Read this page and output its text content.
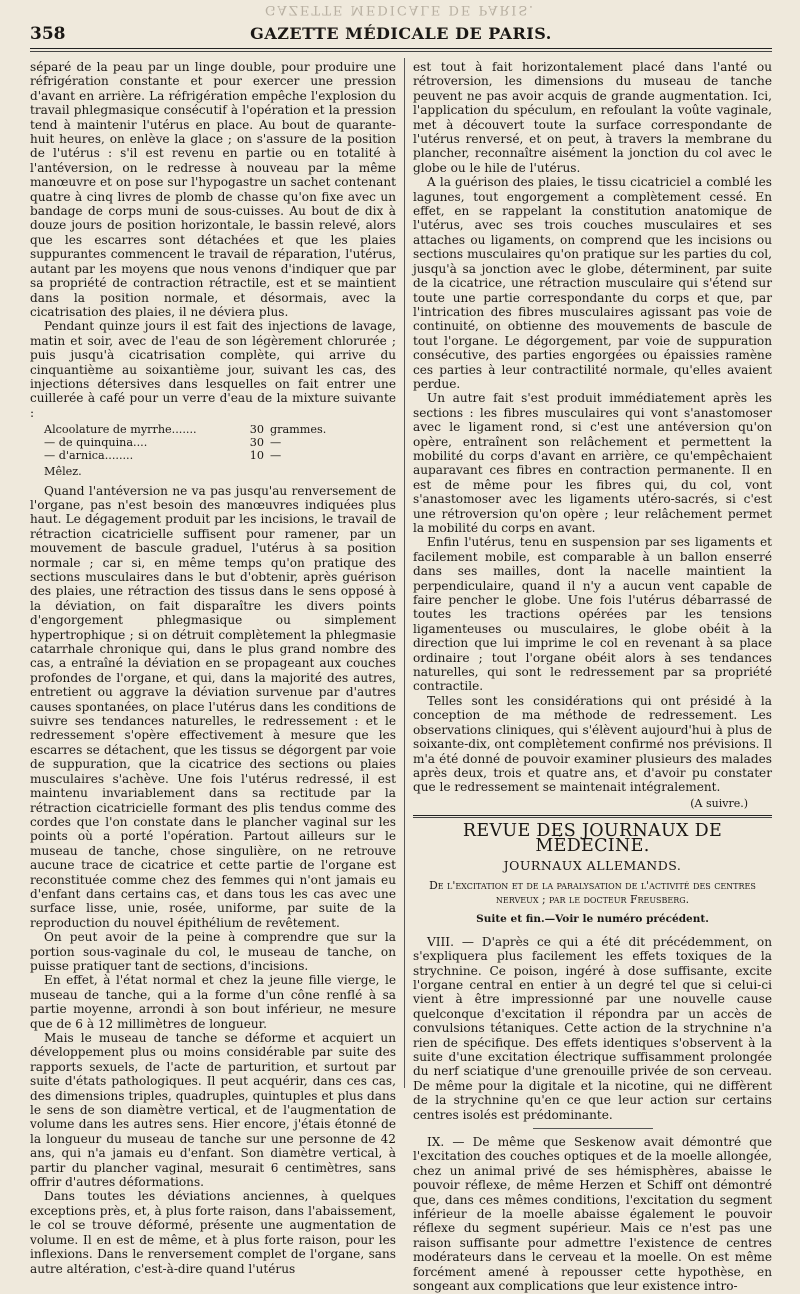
GAZETTE MEDICALE DE PARIS.
358	GAZETTE MÉDICALE DE PARIS.

séparé de la peau par un linge double, pour produire une réfrigération constante et pour exercer une pression d'avant en arrière. La réfrigération empêche l'explosion du travail phlegmasique consécutif à l'opération et la pression tend à maintenir l'utérus en place. Au bout de quarante-huit heures, on enlève la glace ; on s'assure de la position de l'utérus : s'il est revenu en partie ou en totalité à l'antéversion, on le redresse à nouveau par la même manœuvre et on pose sur l'hypogastre un sachet contenant quatre à cinq livres de plomb de chasse qu'on fixe avec un bandage de corps muni de sous-cuisses. Au bout de dix à douze jours de position horizontale, le bassin relevé, alors que les escarres sont détachées et que les plaies suppurantes commencent le travail de réparation, l'utérus, autant par les moyens que nous venons d'indiquer que par sa propriété de contraction rétractile, est et se maintient dans la position normale, et désormais, avec la cicatrisation des plaies, il ne déviera plus.

Pendant quinze jours il est fait des injections de lavage, matin et soir, avec de l'eau de son légèrement chlorurée ; puis jusqu'à cicatrisation complète, qui arrive du cinquantième au soixantième jour, suivant les cas, des injections détersives dans lesquelles on fait entrer une cuillerée à café pour un verre d'eau de la mixture suivante :

Alcoolature de myrrhe.......	30 grammes.
— de quinquina....	30 —
— d'arnica........	10 —
Mêlez.

Quand l'antéversion ne va pas jusqu'au renversement de l'organe, pas n'est besoin des manœuvres indiquées plus haut. Le dégagement produit par les incisions, le travail de rétraction cicatricielle suffisent pour ramener, par un mouvement de bascule graduel, l'utérus à sa position normale ; car si, en même temps qu'on pratique des sections musculaires dans le but d'obtenir, après guérison des plaies, une rétraction des tissus dans le sens opposé à la déviation, on fait disparaître les divers points d'engorgement phlegmasique ou simplement hypertrophique ; si on détruit complètement la phlegmasie catarrhale chronique qui, dans le plus grand nombre des cas, a entraîné la déviation en se propageant aux couches profondes de l'organe, et qui, dans la majorité des autres, entretient ou aggrave la déviation survenue par d'autres causes spontanées, on place l'utérus dans les conditions de suivre ses tendances naturelles, le redressement : et le redressement s'opère effectivement à mesure que les escarres se détachent, que les tissus se dégorgent par voie de suppuration, que la cicatrice des sections ou plaies musculaires s'achève. Une fois l'utérus redressé, il est maintenu invariablement dans sa rectitude par la rétraction cicatricielle formant des plis tendus comme des cordes que l'on constate dans le plancher vaginal sur les points où a porté l'opération. Partout ailleurs sur le museau de tanche, chose singulière, on ne retrouve aucune trace de cicatrice et cette partie de l'organe est reconstituée comme chez des femmes qui n'ont jamais eu d'enfant dans certains cas, et dans tous les cas avec une surface lisse, unie, rosée, uniforme, par suite de la reproduction du nouvel épithélium de revêtement.

On peut avoir de la peine à comprendre que sur la portion sous-vaginale du col, le museau de tanche, on puisse pratiquer tant de sections, d'incisions.

En effet, à l'état normal et chez la jeune fille vierge, le museau de tanche, qui a la forme d'un cône renflé à sa partie moyenne, arrondi à son bout inférieur, ne mesure que de 6 à 12 millimètres de longueur.

Mais le museau de tanche se déforme et acquiert un développement plus ou moins considérable par suite des rapports sexuels, de l'acte de parturition, et surtout par suite d'états pathologiques. Il peut acquérir, dans ces cas, des dimensions triples, quadruples, quintuples et plus dans le sens de son diamètre vertical, et de l'augmentation de volume dans les autres sens. Hier encore, j'étais étonné de la longueur du museau de tanche sur une personne de 42 ans, qui n'a jamais eu d'enfant. Son diamètre vertical, à partir du plancher vaginal, mesurait 6 centimètres, sans offrir d'autres déformations.

Dans toutes les déviations anciennes, à quelques exceptions près, et, à plus forte raison, dans l'abaissement, le col se trouve déformé, présente une augmentation de volume. Il en est de même, et à plus forte raison, pour les inflexions. Dans le renversement complet de l'organe, sans autre altération, c'est-à-dire quand l'utérus

est tout à fait horizontalement placé dans l'anté ou rétroversion, les dimensions du museau de tanche peuvent ne pas avoir acquis de grande augmentation. Ici, l'application du spéculum, en refoulant la voûte vaginale, met à découvert toute la surface correspondante de l'utérus renversé, et on peut, à travers la membrane du plancher, reconnaître aisément la jonction du col avec le globe ou le hile de l'utérus.

A la guérison des plaies, le tissu cicatriciel a comblé les lagunes, tout engorgement a complètement cessé. En effet, en se rappelant la constitution anatomique de l'utérus, avec ses trois couches musculaires et ses attaches ou ligaments, on comprend que les incisions ou sections musculaires qu'on pratique sur les parties du col, jusqu'à sa jonction avec le globe, déterminent, par suite de la cicatrice, une rétraction musculaire qui s'étend sur toute une partie correspondante du corps et que, par l'intrication des fibres musculaires agissant pas voie de continuité, on obtienne des mouvements de bascule de tout l'organe. Le dégorgement, par voie de suppuration consécutive, des parties engorgées ou épaissies ramène ces parties à leur contractilité normale, qu'elles avaient perdue.

Un autre fait s'est produit immédiatement après les sections : les fibres musculaires qui vont s'anastomoser avec le ligament rond, si c'est une antéversion qu'on opère, entraînent son relâchement et permettent la mobilité du corps d'avant en arrière, ce qu'empêchaient auparavant ces fibres en contraction permanente. Il en est de même pour les fibres qui, du col, vont s'anastomoser avec les ligaments utéro-sacrés, si c'est une rétroversion qu'on opère ; leur relâchement permet la mobilité du corps en avant.

Enfin l'utérus, tenu en suspension par ses ligaments et facilement mobile, est comparable à un ballon enserré dans ses mailles, dont la nacelle maintient la perpendiculaire, quand il n'y a aucun vent capable de faire pencher le globe. Une fois l'utérus débarrassé de toutes les tractions opérées par les tensions ligamenteuses ou musculaires, le globe obéit à la direction que lui imprime le col en revenant à sa place ordinaire ; tout l'organe obéit alors à ses tendances naturelles, qui sont le redressement par sa propriété contractile.

Telles sont les considérations qui ont présidé à la conception de ma méthode de redressement. Les observations cliniques, qui s'élèvent aujourd'hui à plus de soixante-dix, ont complètement confirmé nos prévisions. Il m'a été donné de pouvoir examiner plusieurs des malades après deux, trois et quatre ans, et d'avoir pu constater que le redressement se maintenait intégralement.

(A suivre.)
REVUE DES JOURNAUX DE MÉDECINE.
JOURNAUX ALLEMANDS.
De l'excitation et de la paralysation de l'activité des centres nerveux ; par le docteur Freusberg.
Suite et fin.—Voir le numéro précédent.

VIII. — D'après ce qui a été dit précédemment, on s'expliquera plus facilement les effets toxiques de la strychnine. Ce poison, ingéré à dose suffisante, excite l'organe central en entier à un degré tel que si celui-ci vient à être impressionné par une nouvelle cause quelconque d'excitation il répondra par un accès de convulsions tétaniques. Cette action de la strychnine n'a rien de spécifique. Des effets identiques s'observent à la suite d'une excitation électrique suffisamment prolongée du nerf sciatique d'une grenouille privée de son cerveau. De même pour la digitale et la nicotine, qui ne diffèrent de la strychnine qu'en ce que leur action sur certains centres isolés est prédominante.

IX. — De même que Seskenow avait démontré que l'excitation des couches optiques et de la moelle allongée, chez un animal privé de ses hémisphères, abaisse le pouvoir réflexe, de même Herzen et Schiff ont démontré que, dans ces mêmes conditions, l'excitation du segment inférieur de la moelle abaisse également le pouvoir réflexe du segment supérieur. Mais ce n'est pas une raison suffisante pour admettre l'existence de centres modérateurs dans le cerveau et la moelle. On est même forcément amené à repousser cette hypothèse, en songeant aux complications que leur existence intro-
